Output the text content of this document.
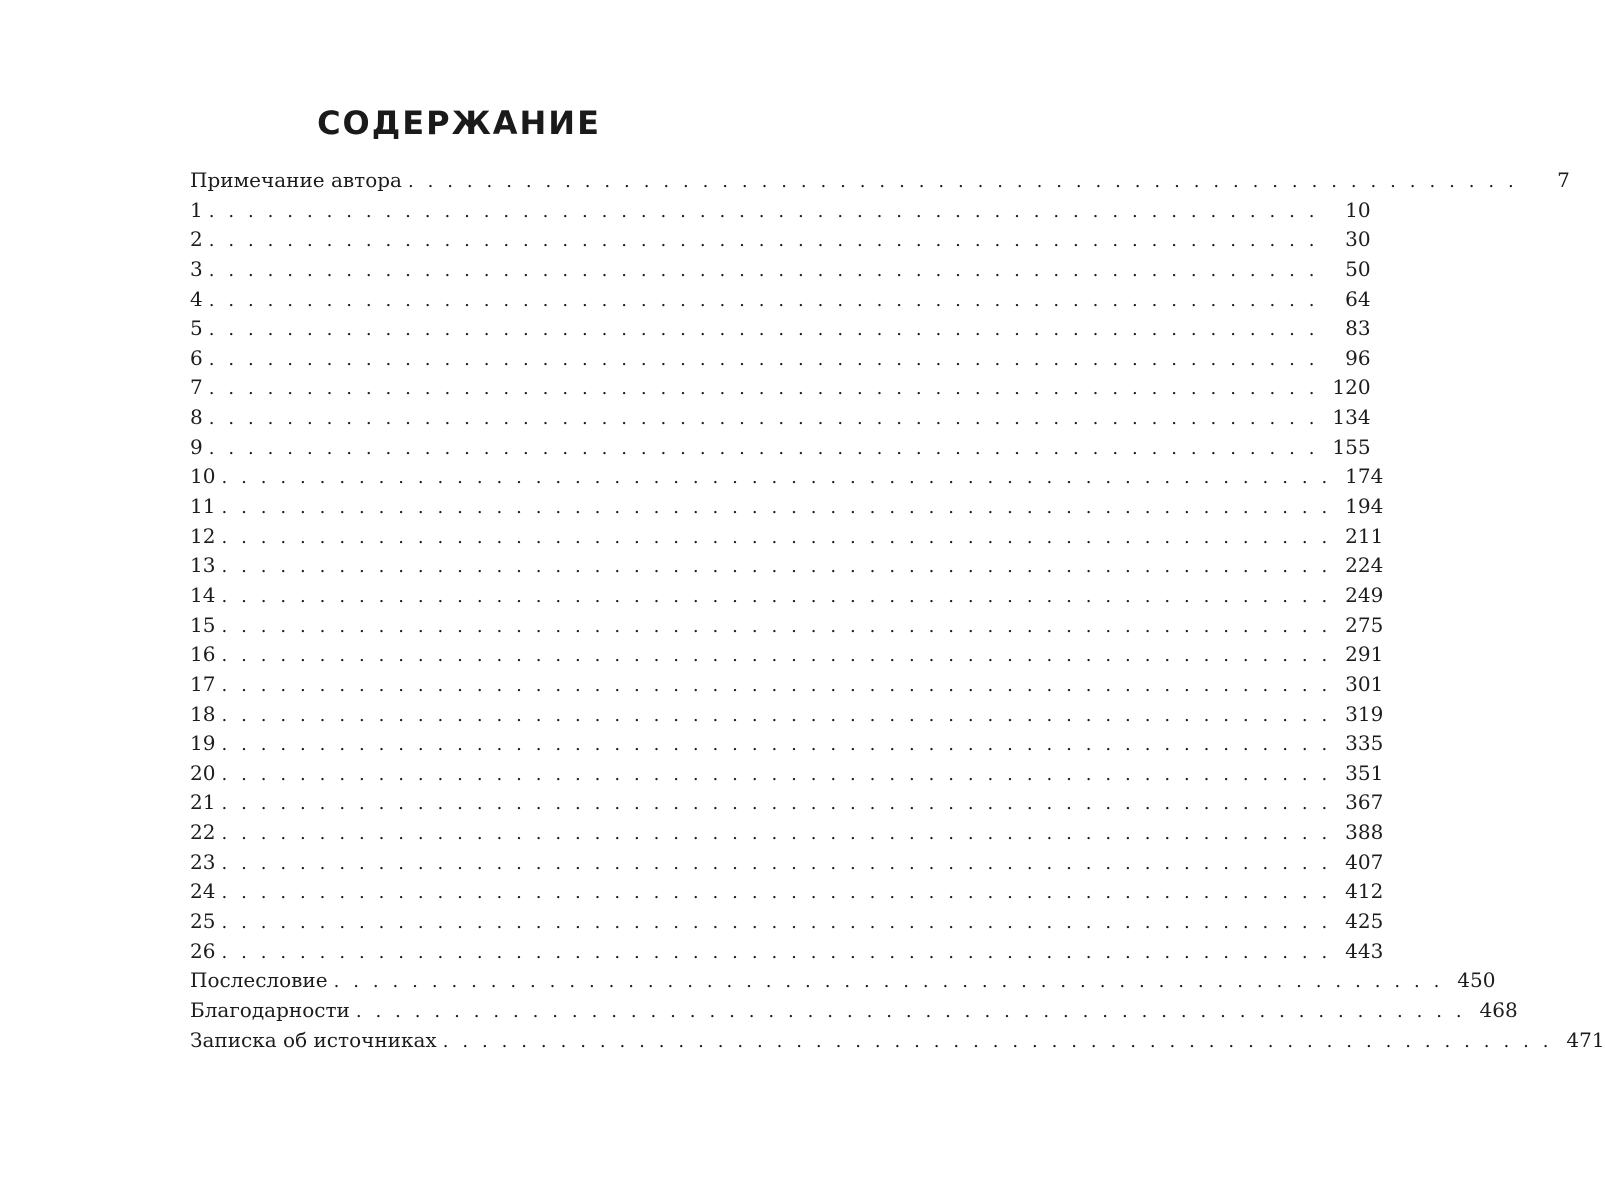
СОДЕРЖАНИЕ
Примечание автора . . . . . . . . . . . . . . . . . . . . . . . . . . . . . . . . . . . . . . . . . . . . . . . . . . . . . . . . .	7
1 . . . . . . . . . . . . . . . . . . . . . . . . . . . . . . . . . . . . . . . . . . . . . . . . . . . . . . . . .	10
2 . . . . . . . . . . . . . . . . . . . . . . . . . . . . . . . . . . . . . . . . . . . . . . . . . . . . . . . . .	30
3 . . . . . . . . . . . . . . . . . . . . . . . . . . . . . . . . . . . . . . . . . . . . . . . . . . . . . . . . .	50
4 . . . . . . . . . . . . . . . . . . . . . . . . . . . . . . . . . . . . . . . . . . . . . . . . . . . . . . . . .	64
5 . . . . . . . . . . . . . . . . . . . . . . . . . . . . . . . . . . . . . . . . . . . . . . . . . . . . . . . . .	83
6 . . . . . . . . . . . . . . . . . . . . . . . . . . . . . . . . . . . . . . . . . . . . . . . . . . . . . . . . .	96
7 . . . . . . . . . . . . . . . . . . . . . . . . . . . . . . . . . . . . . . . . . . . . . . . . . . . . . . . . . 120
8 . . . . . . . . . . . . . . . . . . . . . . . . . . . . . . . . . . . . . . . . . . . . . . . . . . . . . . . . . 134
9 . . . . . . . . . . . . . . . . . . . . . . . . . . . . . . . . . . . . . . . . . . . . . . . . . . . . . . . . . 155
10 . . . . . . . . . . . . . . . . . . . . . . . . . . . . . . . . . . . . . . . . . . . . . . . . . . . . . . . . . 174
11 . . . . . . . . . . . . . . . . . . . . . . . . . . . . . . . . . . . . . . . . . . . . . . . . . . . . . . . . . 194
12 . . . . . . . . . . . . . . . . . . . . . . . . . . . . . . . . . . . . . . . . . . . . . . . . . . . . . . . . . 211
13 . . . . . . . . . . . . . . . . . . . . . . . . . . . . . . . . . . . . . . . . . . . . . . . . . . . . . . . . . 224
14 . . . . . . . . . . . . . . . . . . . . . . . . . . . . . . . . . . . . . . . . . . . . . . . . . . . . . . . . . 249
15 . . . . . . . . . . . . . . . . . . . . . . . . . . . . . . . . . . . . . . . . . . . . . . . . . . . . . . . . . 275
16 . . . . . . . . . . . . . . . . . . . . . . . . . . . . . . . . . . . . . . . . . . . . . . . . . . . . . . . . . 291
17 . . . . . . . . . . . . . . . . . . . . . . . . . . . . . . . . . . . . . . . . . . . . . . . . . . . . . . . . . 301
18 . . . . . . . . . . . . . . . . . . . . . . . . . . . . . . . . . . . . . . . . . . . . . . . . . . . . . . . . . 319
19 . . . . . . . . . . . . . . . . . . . . . . . . . . . . . . . . . . . . . . . . . . . . . . . . . . . . . . . . . 335
20 . . . . . . . . . . . . . . . . . . . . . . . . . . . . . . . . . . . . . . . . . . . . . . . . . . . . . . . . . 351
21 . . . . . . . . . . . . . . . . . . . . . . . . . . . . . . . . . . . . . . . . . . . . . . . . . . . . . . . . . 367
22 . . . . . . . . . . . . . . . . . . . . . . . . . . . . . . . . . . . . . . . . . . . . . . . . . . . . . . . . . 388
23 . . . . . . . . . . . . . . . . . . . . . . . . . . . . . . . . . . . . . . . . . . . . . . . . . . . . . . . . . 407
24 . . . . . . . . . . . . . . . . . . . . . . . . . . . . . . . . . . . . . . . . . . . . . . . . . . . . . . . . . 412
25 . . . . . . . . . . . . . . . . . . . . . . . . . . . . . . . . . . . . . . . . . . . . . . . . . . . . . . . . . 425
26 . . . . . . . . . . . . . . . . . . . . . . . . . . . . . . . . . . . . . . . . . . . . . . . . . . . . . . . . . 443
Послесловие . . . . . . . . . . . . . . . . . . . . . . . . . . . . . . . . . . . . . . . . . . . . . . . . . . . . . . . . . 450
Благодарности . . . . . . . . . . . . . . . . . . . . . . . . . . . . . . . . . . . . . . . . . . . . . . . . . . . . . . . . . 468
Записка об источниках . . . . . . . . . . . . . . . . . . . . . . . . . . . . . . . . . . . . . . . . . . . . . . . . . . . . . . . . . 471
